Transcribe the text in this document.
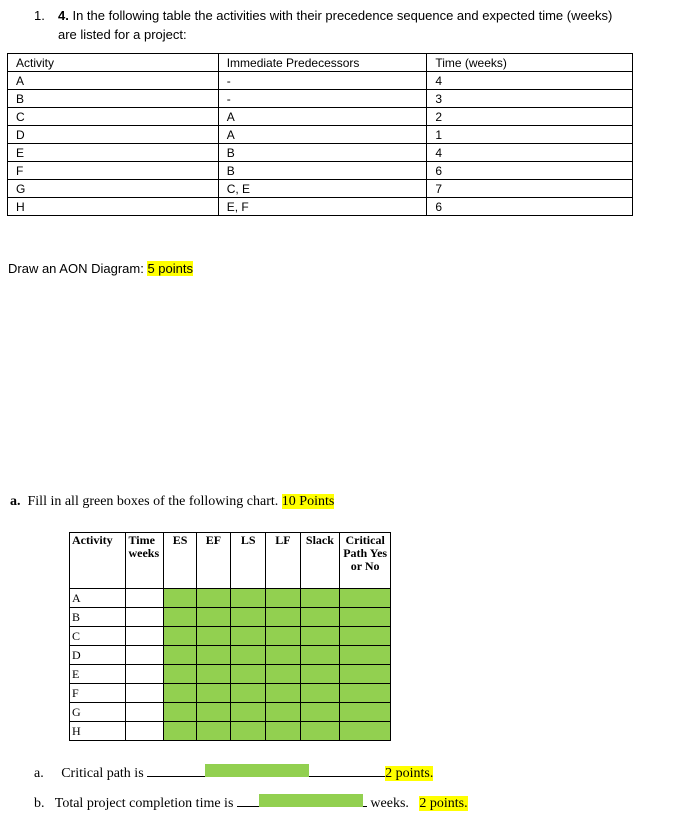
1. 4. In the following table the activities with their precedence sequence and expected time (weeks) are listed for a project:
Activity	Immediate Predecessors	Time (weeks)
A	-	4
B	-	3
C	A	2
D	A	1
E	B	4
F	B	6
G	C, E	7
H	E, F	6
Draw an AON Diagram: 5 points
a. Fill in all green boxes of the following chart. 10 Points
Activity	Time weeks	ES	EF	LS	LF	Slack	Critical Path Yes or No
A							
B							
C							
D							
E							
F							
G							
H							
a. Critical path is	2 points.
b. Total project completion time is	weeks. 2 points.
